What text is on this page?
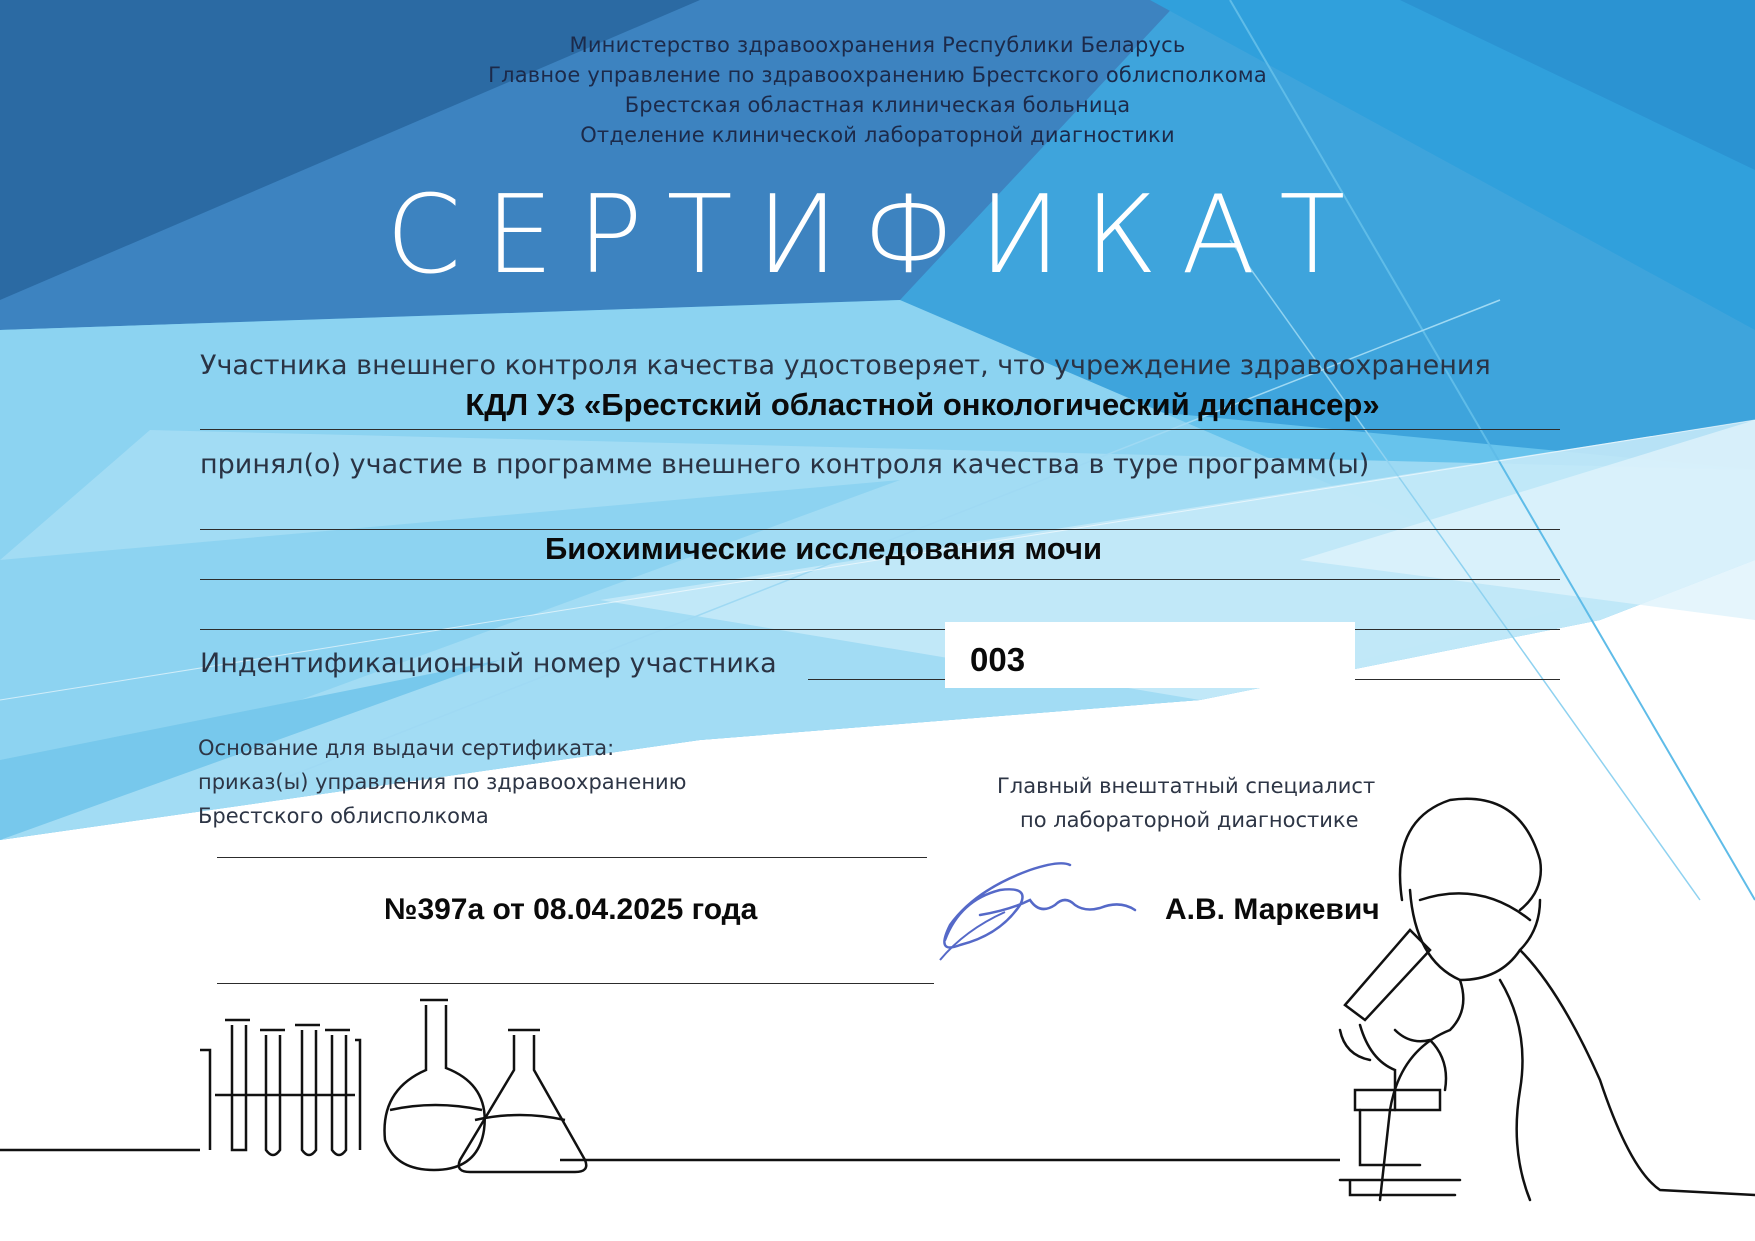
Министерство здравоохранения Республики Беларусь
Главное управление по здравоохранению Брестского облисполкома
Брестская областная клиническая больница
Отделение клинической лабораторной диагностики
СЕРТИФИКАТ
Участника внешнего контроля качества удостоверяет, что учреждение здравоохранения
КДЛ УЗ «Брестский областной онкологический диспансер»
принял(о) участие в программе внешнего контроля качества в туре программ(ы)
Биохимические исследования мочи
Индентификационный номер участника	003
Основание для выдачи сертификата:
приказ(ы) управления по здравоохранению
Брестского облисполкома
№397а от 08.04.2025 года
Главный внештатный специалист
по лабораторной диагностике
А.В. Маркевич
